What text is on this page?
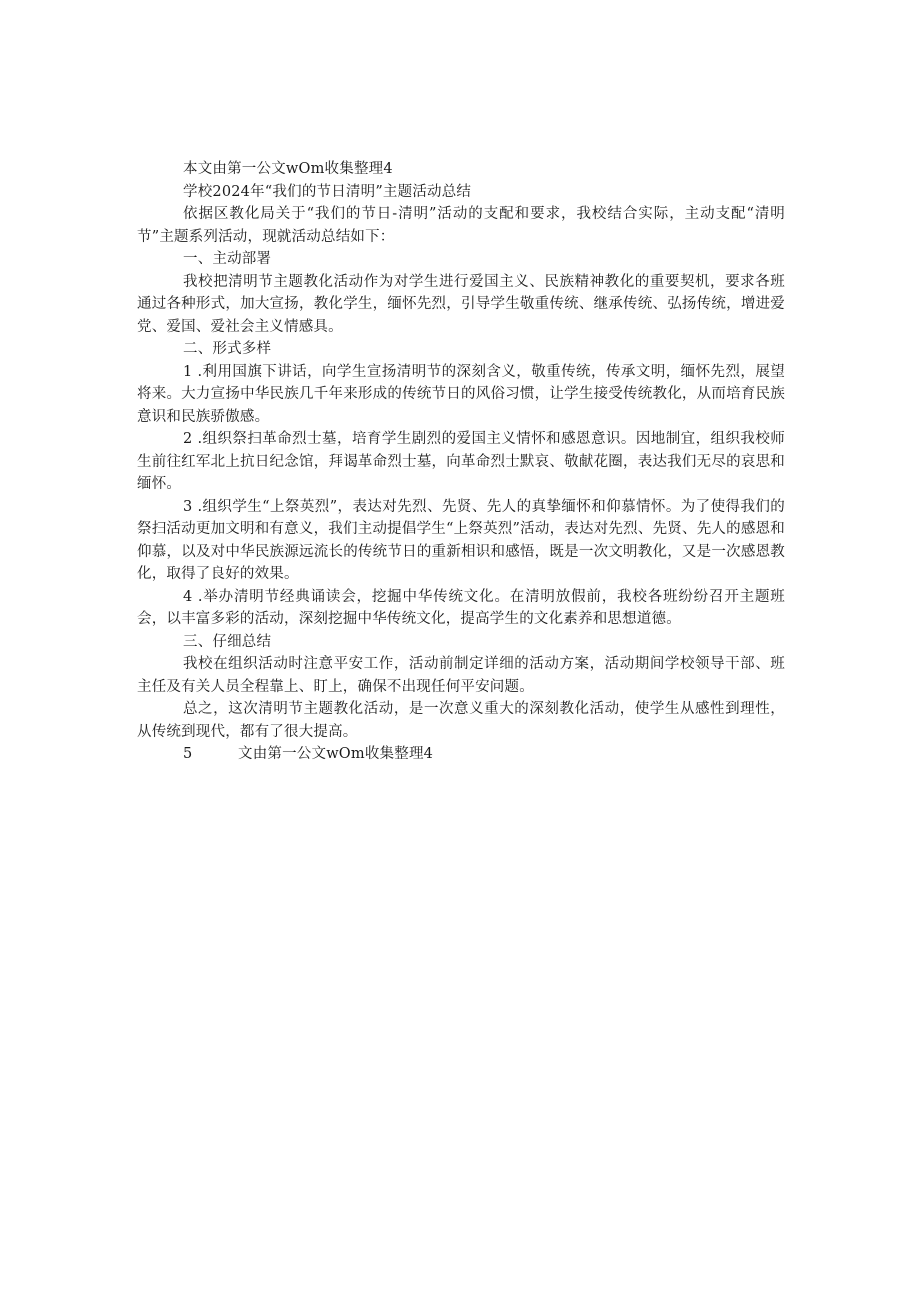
本文由第一公文wOm收集整理4
学校2024年“我们的节日清明”主题活动总结

依据区教化局关于“我们的节日-清明”活动的支配和要求，我校结合实际，主动支配“清明节”主题系列活动，现就活动总结如下：

一、主动部署

我校把清明节主题教化活动作为对学生进行爱国主义、民族精神教化的重要契机，要求各班通过各种形式，加大宣扬，教化学生，缅怀先烈，引导学生敬重传统、继承传统、弘扬传统，增进爱党、爱国、爱社会主义情感具。

二、形式多样

1 .利用国旗下讲话，向学生宣扬清明节的深刻含义，敬重传统，传承文明，缅怀先烈，展望将来。大力宣扬中华民族几千年来形成的传统节日的风俗习惯，让学生接受传统教化，从而培育民族意识和民族骄傲感。

2 .组织祭扫革命烈士墓，培育学生剧烈的爱国主义情怀和感恩意识。因地制宜，组织我校师生前往红军北上抗日纪念馆，拜谒革命烈士墓，向革命烈士默哀、敬献花圈，表达我们无尽的哀思和缅怀。

3 .组织学生“上祭英烈”，表达对先烈、先贤、先人的真挚缅怀和仰慕情怀。为了使得我们的祭扫活动更加文明和有意义，我们主动提倡学生“上祭英烈”活动，表达对先烈、先贤、先人的感恩和仰慕，以及对中华民族源远流长的传统节日的重新相识和感悟，既是一次文明教化，又是一次感恩教化，取得了良好的效果。

4 .举办清明节经典诵读会，挖掘中华传统文化。在清明放假前，我校各班纷纷召开主题班会，以丰富多彩的活动，深刻挖掘中华传统文化，提高学生的文化素养和思想道德。

三、仔细总结

我校在组织活动时注意平安工作，活动前制定详细的活动方案，活动期间学校领导干部、班主任及有关人员全程靠上、盯上，确保不出现任何平安问题。

总之，这次清明节主题教化活动，是一次意义重大的深刻教化活动，使学生从感性到理性，从传统到现代，都有了很大提高。

5	文由第一公文wOm收集整理4
